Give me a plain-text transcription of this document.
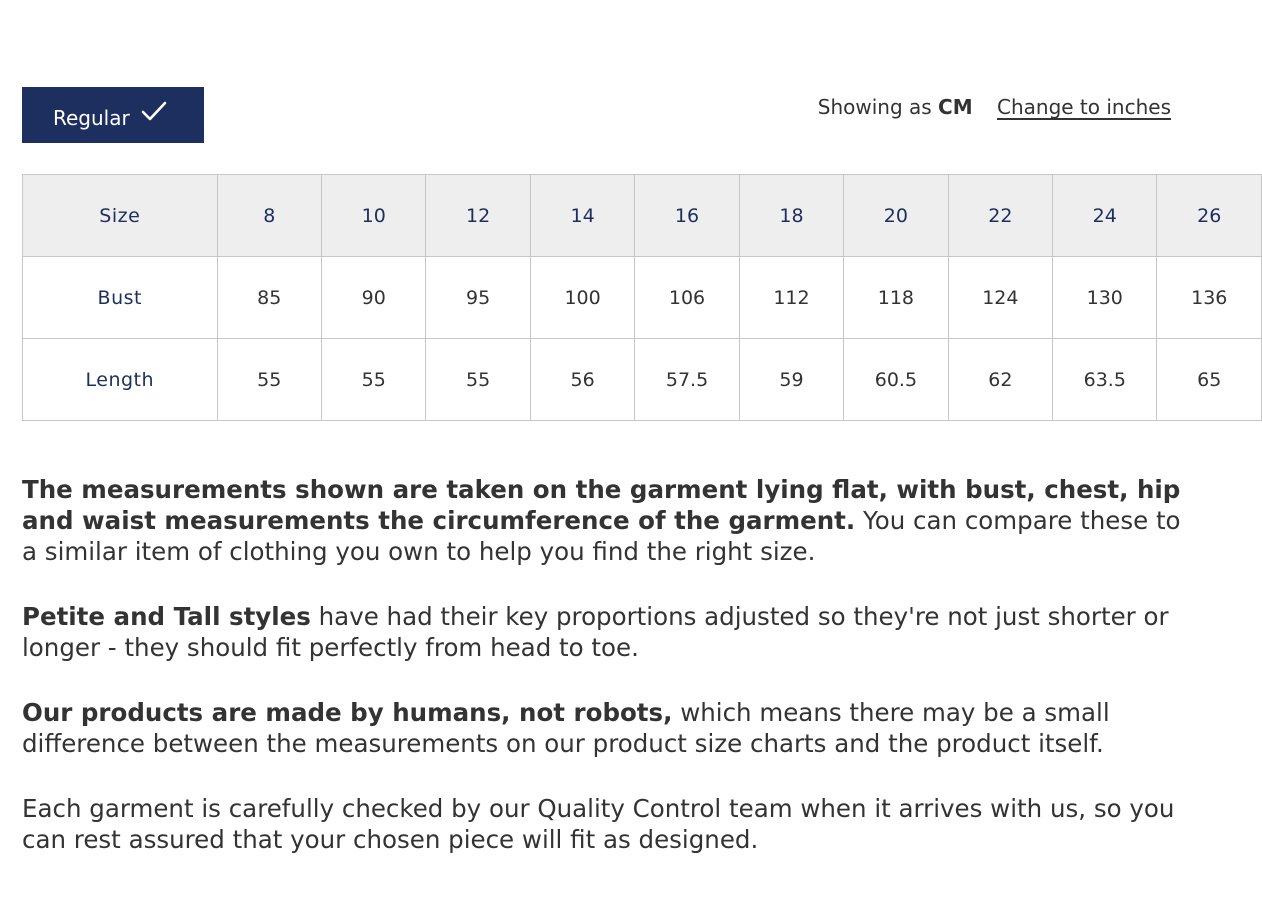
Regular	Showing as CM Change to inches
Size	8	10	12	14	16	18	20	22	24	26
Bust	85	90	95	100	106	112	118	124	130	136
Length	55	55	55	56	57.5	59	60.5	62	63.5	65

The measurements shown are taken on the garment lying flat, with bust, chest, hip and waist measurements the circumference of the garment. You can compare these to a similar item of clothing you own to help you find the right size.

Petite and Tall styles have had their key proportions adjusted so they're not just shorter or longer - they should fit perfectly from head to toe.

Our products are made by humans, not robots, which means there may be a small difference between the measurements on our product size charts and the product itself.

Each garment is carefully checked by our Quality Control team when it arrives with us, so you can rest assured that your chosen piece will fit as designed.
